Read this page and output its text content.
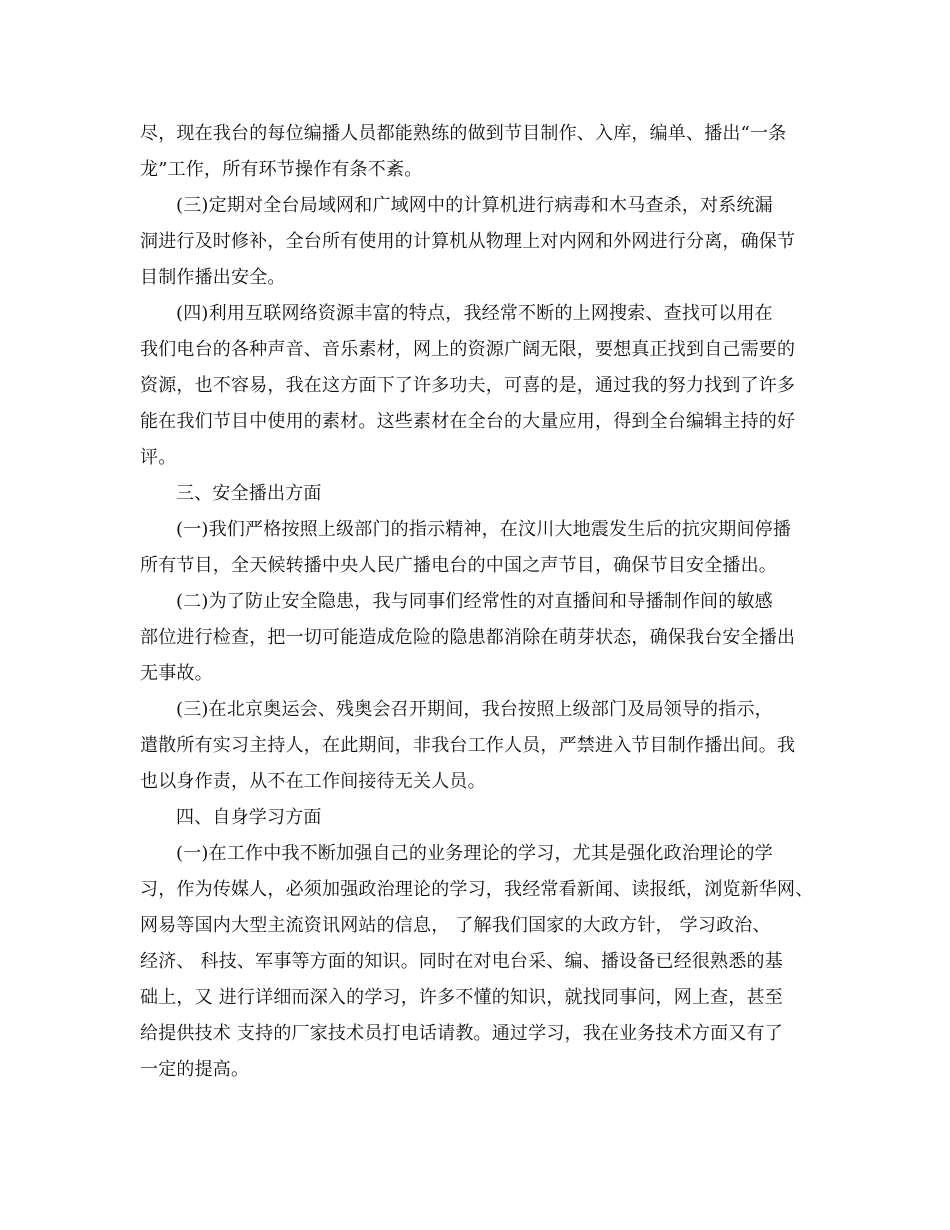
尽，现在我台的每位编播人员都能熟练的做到节目制作、入库，编单、播出“一条
龙”工作，所有环节操作有条不紊。
(三)定期对全台局域网和广域网中的计算机进行病毒和木马查杀，对系统漏
洞进行及时修补，全台所有使用的计算机从物理上对内网和外网进行分离，确保节
目制作播出安全。
(四)利用互联网络资源丰富的特点，我经常不断的上网搜索、查找可以用在
我们电台的各种声音、音乐素材，网上的资源广阔无限，要想真正找到自己需要的
资源，也不容易，我在这方面下了许多功夫，可喜的是，通过我的努力找到了许多
能在我们节目中使用的素材。这些素材在全台的大量应用，得到全台编辑主持的好
评。
三、安全播出方面
(一)我们严格按照上级部门的指示精神，在汶川大地震发生后的抗灾期间停播
所有节目，全天候转播中央人民广播电台的中国之声节目，确保节目安全播出。
(二)为了防止安全隐患，我与同事们经常性的对直播间和导播制作间的敏感
部位进行检查，把一切可能造成危险的隐患都消除在萌芽状态，确保我台安全播出
无事故。
(三)在北京奥运会、残奥会召开期间，我台按照上级部门及局领导的指示，
遣散所有实习主持人，在此期间，非我台工作人员，严禁进入节目制作播出间。我
也以身作责，从不在工作间接待无关人员。
四、自身学习方面
(一)在工作中我不断加强自己的业务理论的学习，尤其是强化政治理论的学
习，作为传媒人，必须加强政治理论的学习，我经常看新闻、读报纸，浏览新华网、
网易等国内大型主流资讯网站的信息， 了解我们国家的大政方针， 学习政治、
经济、 科技、军事等方面的知识。同时在对电台采、编、播设备已经很熟悉的基
础上，又 进行详细而深入的学习，许多不懂的知识，就找同事问，网上查，甚至
给提供技术 支持的厂家技术员打电话请教。通过学习，我在业务技术方面又有了
一定的提高。
